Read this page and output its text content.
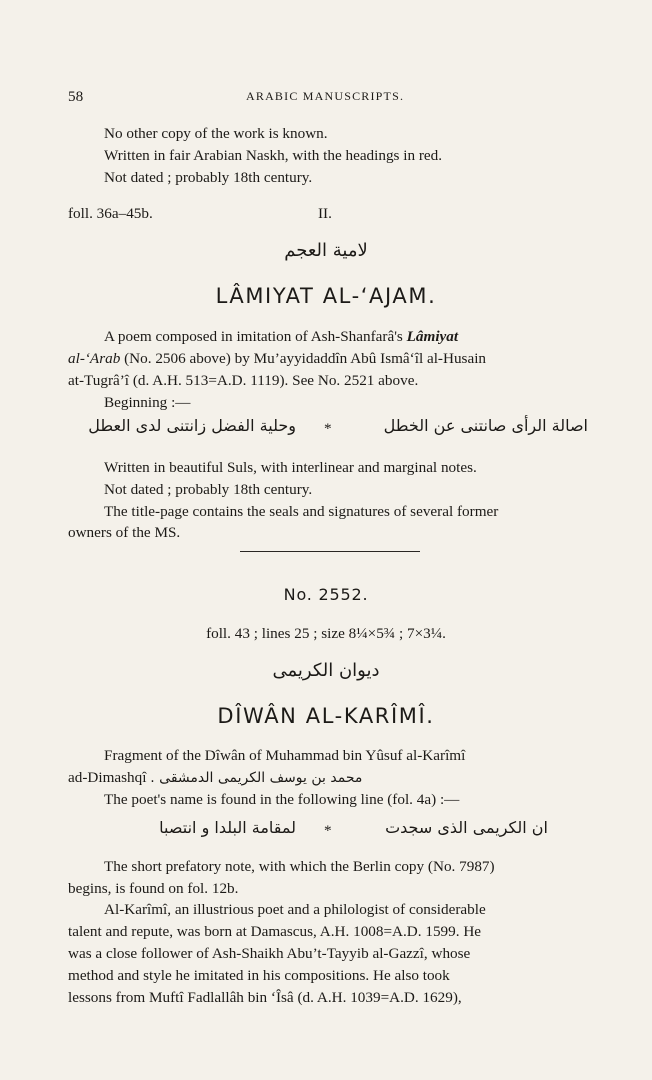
58	ARABIC MANUSCRIPTS.
No other copy of the work is known.
Written in fair Arabian Naskh, with the headings in red.
Not dated ; probably 18th century.
foll. 36a–45b.	II.
لامية العجم
LÂMIYAT AL-‘AJAM.
A poem composed in imitation of Ash-Shanfarâ's Lâmiyat
al-‘Arab (No. 2506 above) by Mu’ayyidaddîn Abû Ismâ‘îl al-Husain
at-Tugrâ’î (d. A.H. 513=A.D. 1119). See No. 2521 above.
Beginning :—
اصالة الرأى صانتنى عن الخطل
*
وحلية الفضل زانتنى لدى العطل
Written in beautiful Suls, with interlinear and marginal notes.
Not dated ; probably 18th century.
The title-page contains the seals and signatures of several former
owners of the MS.
No. 2552.
foll. 43 ; lines 25 ; size 8¼×5¾ ; 7×3¼.
ديوان الكريمى
DÎWÂN AL-KARÎMÎ.
Fragment of the Dîwân of Muhammad bin Yûsuf al-Karîmî
ad-Dimashqî محمد بن يوسف الكريمى الدمشقى .
The poet's name is found in the following line (fol. 4a) :—
ان الكريمى الذى سجدت
*
لمقامة البلدا و انتصبا
The short prefatory note, with which the Berlin copy (No. 7987)
begins, is found on fol. 12b.
Al-Karîmî, an illustrious poet and a philologist of considerable
talent and repute, was born at Damascus, A.H. 1008=A.D. 1599. He
was a close follower of Ash-Shaikh Abu’t-Tayyib al-Gazzî, whose
method and style he imitated in his compositions. He also took
lessons from Muftî Fadlallâh bin ‘Îsâ (d. A.H. 1039=A.D. 1629),
